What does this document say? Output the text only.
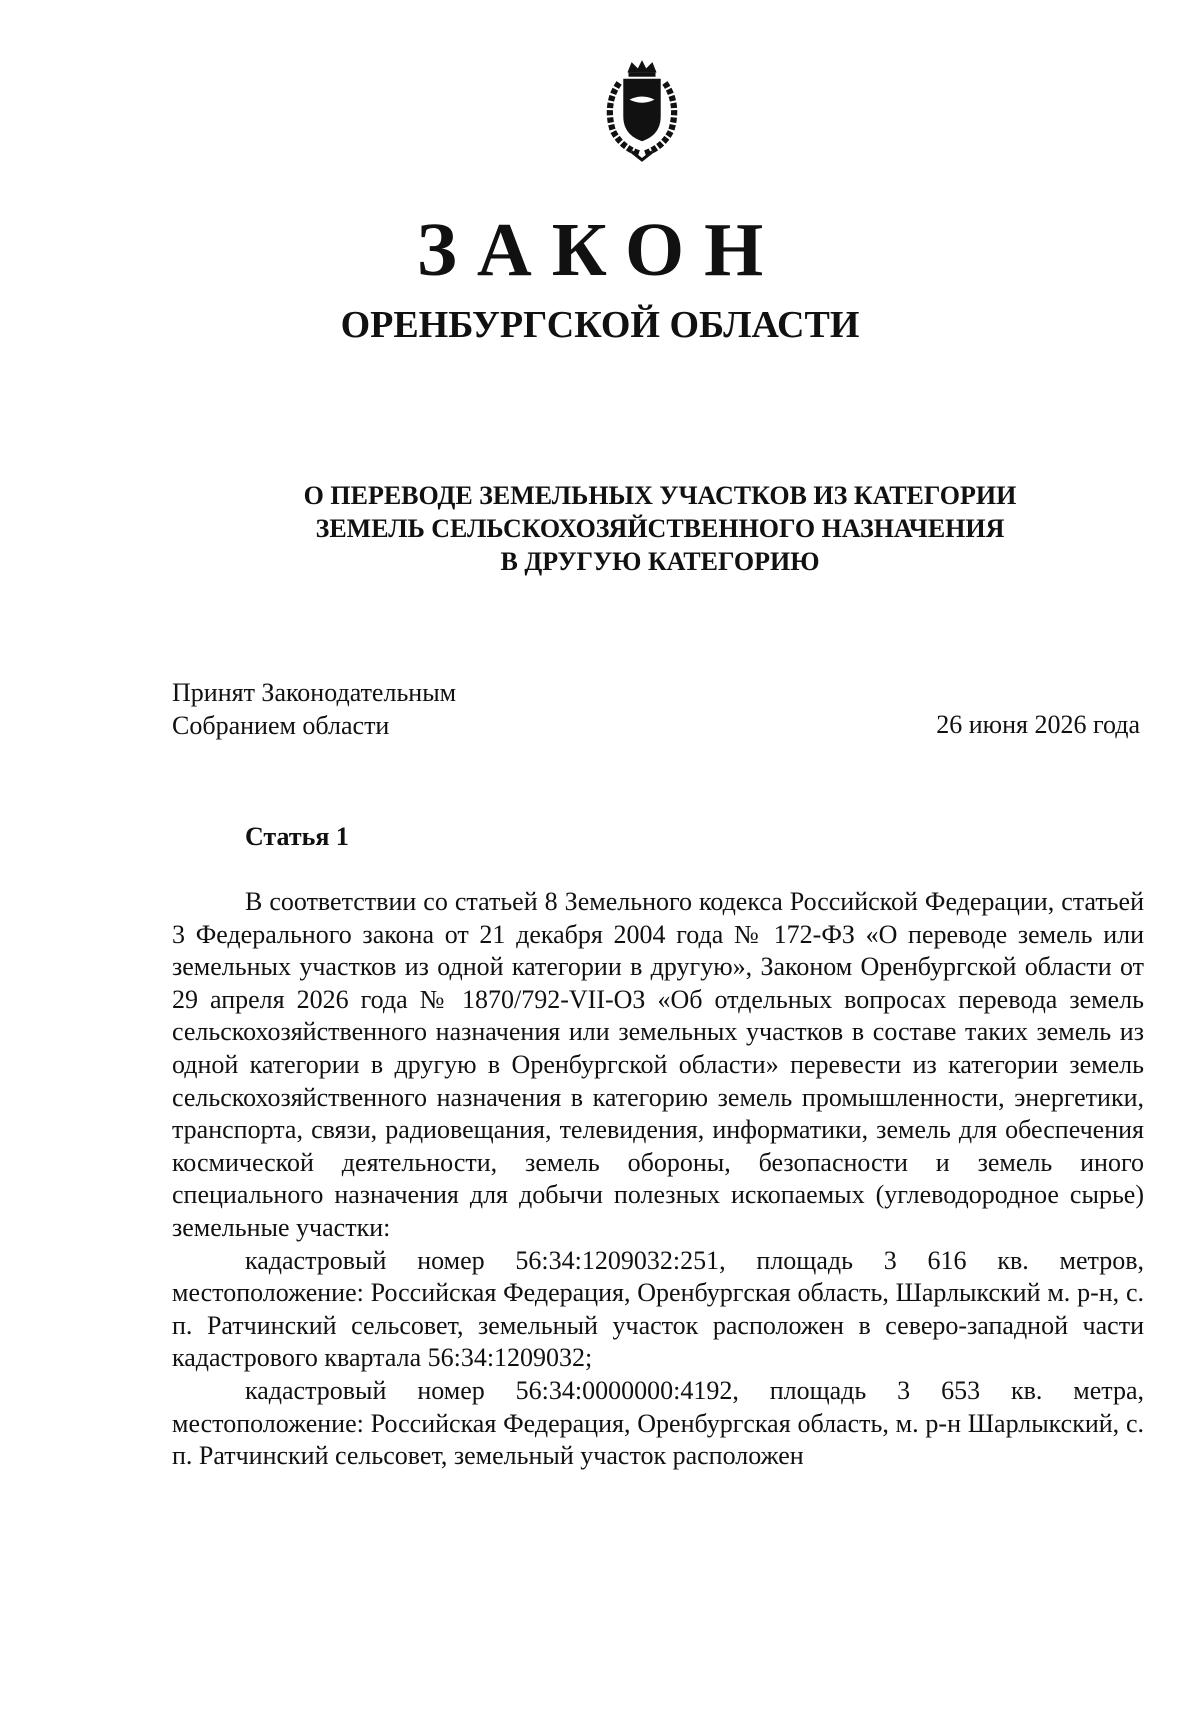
ЗАКОН
ОРЕНБУРГСКОЙ ОБЛАСТИ
О ПЕРЕВОДЕ ЗЕМЕЛЬНЫХ УЧАСТКОВ ИЗ КАТЕГОРИИ
ЗЕМЕЛЬ СЕЛЬСКОХОЗЯЙСТВЕННОГО НАЗНАЧЕНИЯ
В ДРУГУЮ КАТЕГОРИЮ
Принят Законодательным
Собранием области	26 июня 2026 года
Статья 1

В соответствии со статьей 8 Земельного кодекса Российской Федерации, статьей 3 Федерального закона от 21 декабря 2004 года № 172-ФЗ «О переводе земель или земельных участков из одной категории в другую», Законом Оренбургской области от 29 апреля 2026 года № 1870/792-VII-ОЗ «Об отдельных вопросах перевода земель сельскохозяйственного назначения или земельных участков в составе таких земель из одной категории в другую в Оренбургской области» перевести из категории земель сельскохозяйственного назначения в категорию земель промышленности, энергетики, транспорта, связи, радиовещания, телевидения, информатики, земель для обеспечения космической деятельности, земель обороны, безопасности и земель иного специального назначения для добычи полезных ископаемых (углеводородное сырье) земельные участки:

кадастровый номер 56:34:1209032:251, площадь 3 616 кв. метров, местоположение: Российская Федерация, Оренбургская область, Шарлыкский м. р-н, с. п. Ратчинский сельсовет, земельный участок расположен в северо-западной части кадастрового квартала 56:34:1209032;

кадастровый номер 56:34:0000000:4192, площадь 3 653 кв. метра, местоположение: Российская Федерация, Оренбургская область, м. р-н Шарлыкский, с. п. Ратчинский сельсовет, земельный участок расположен
